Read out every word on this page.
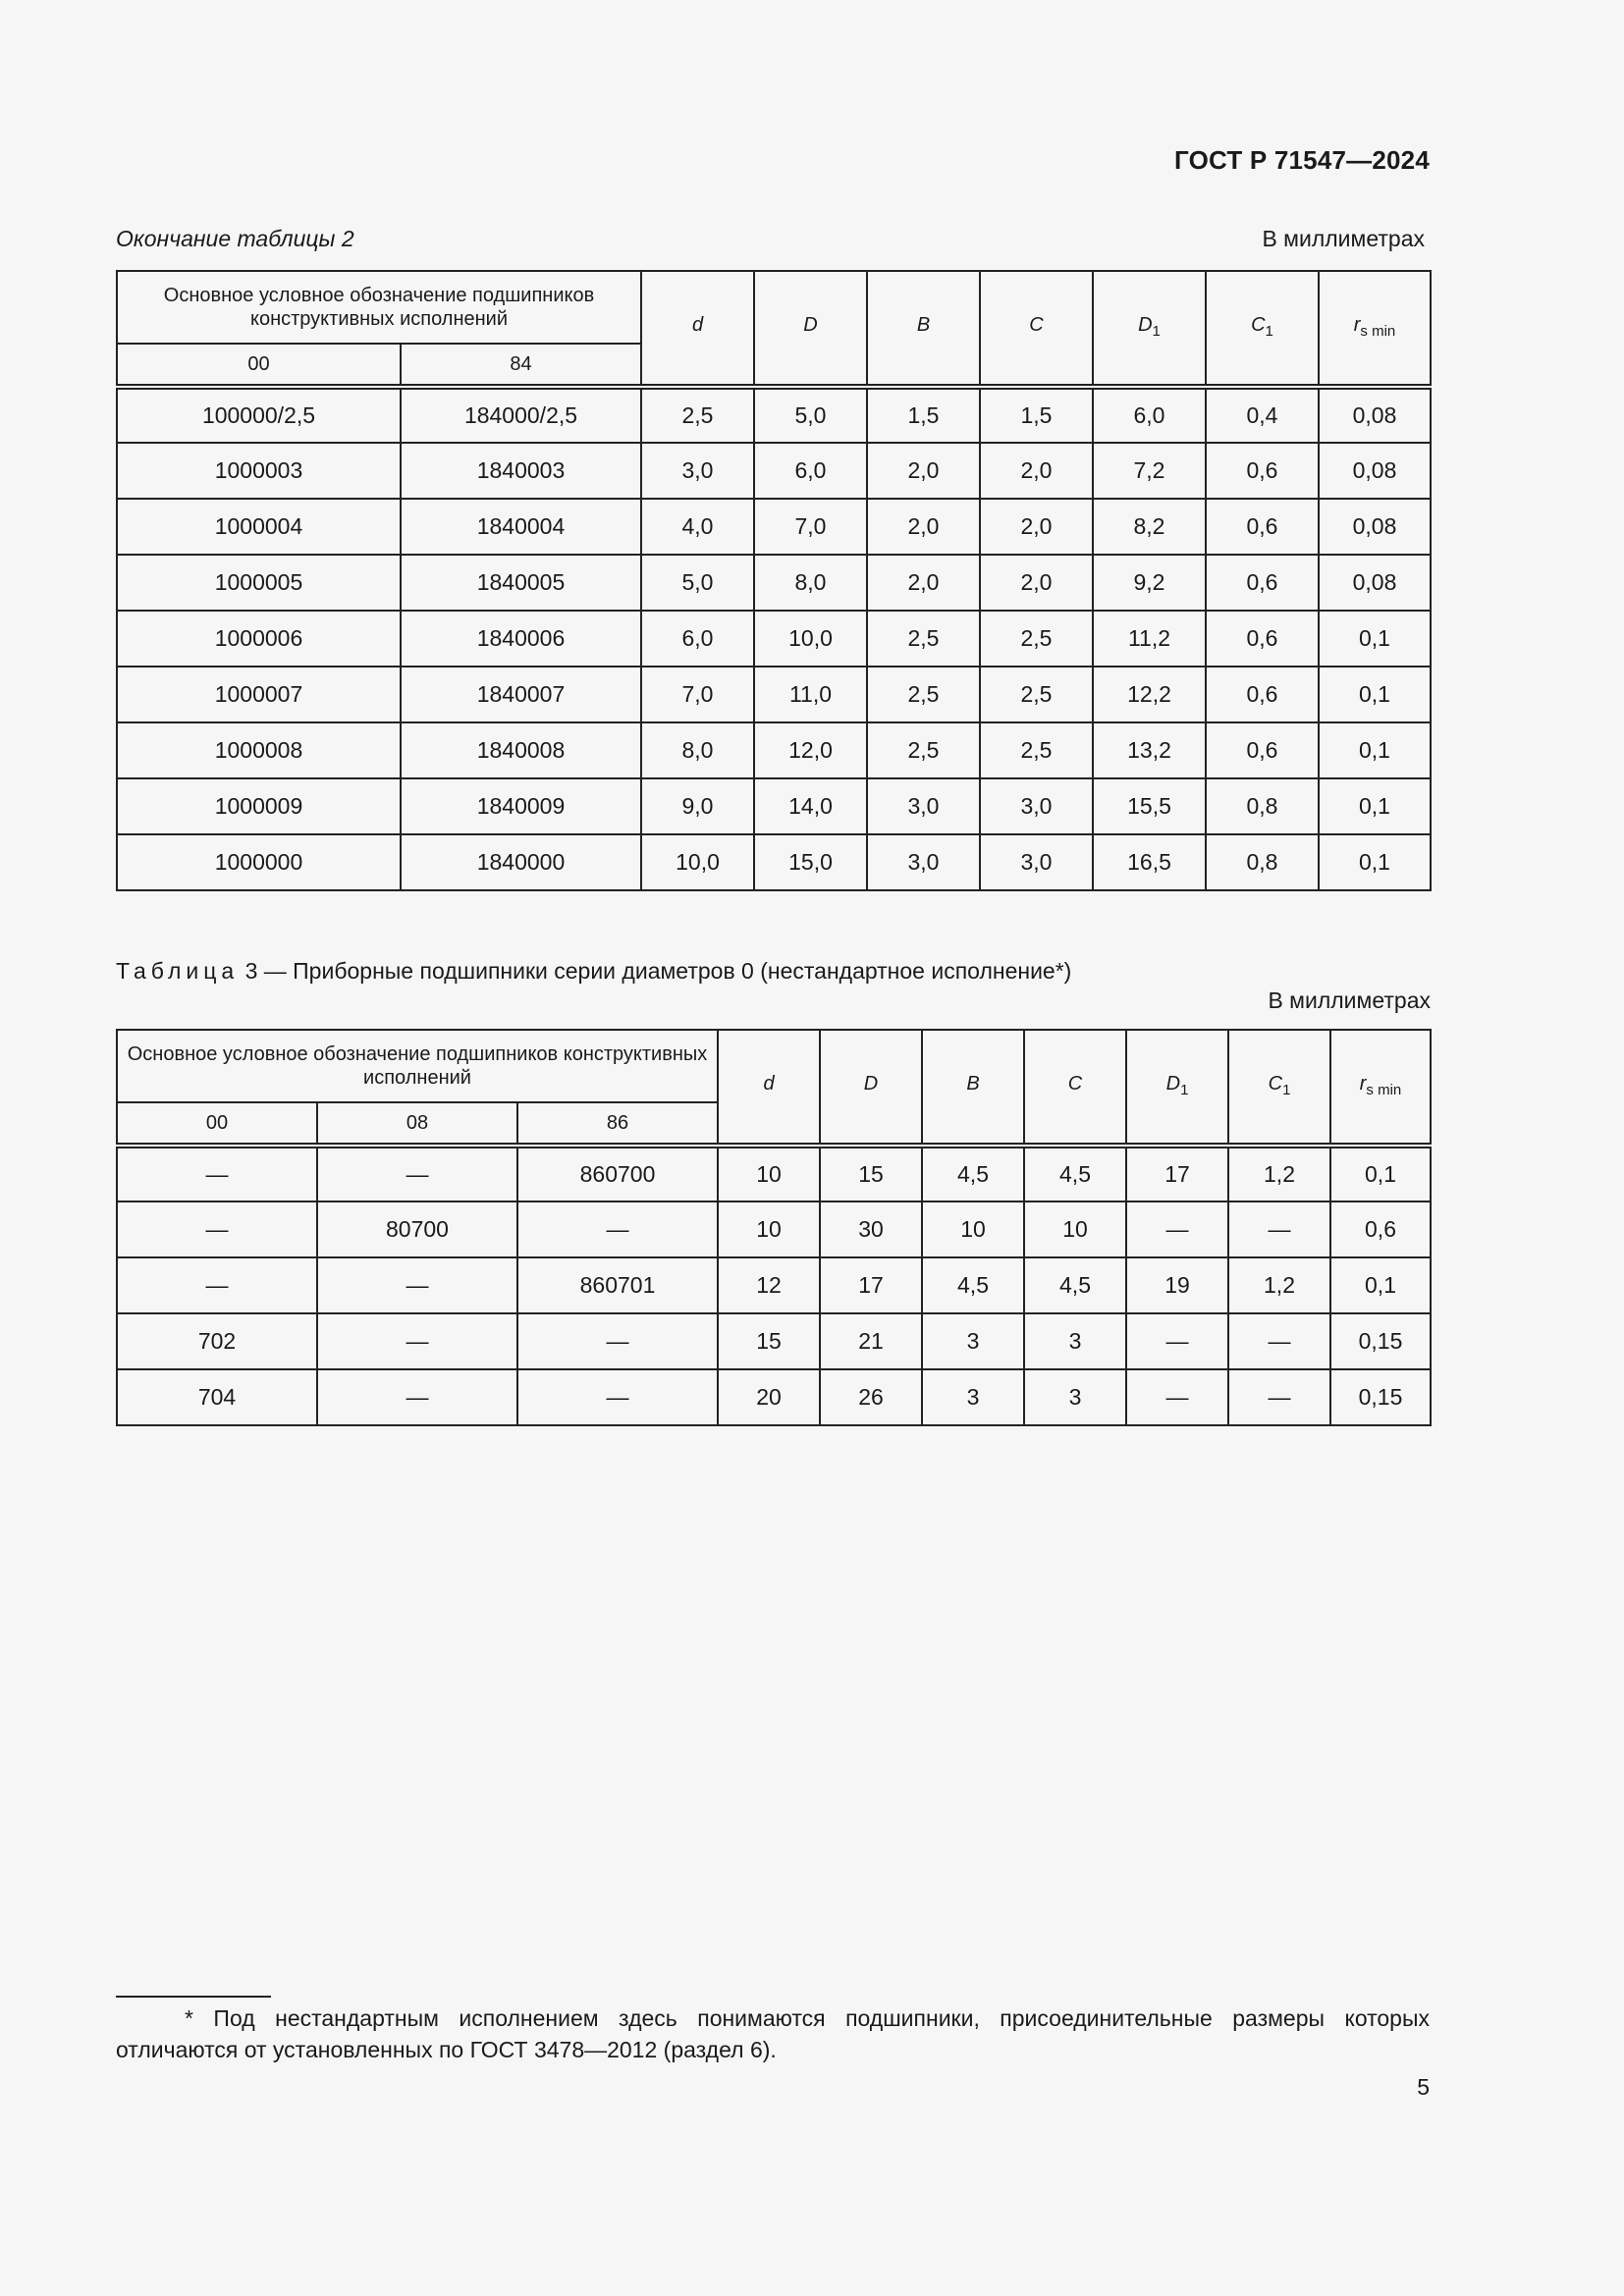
ГОСТ Р 71547—2024
Окончание таблицы 2	В миллиметрах
Основное условное обозначение подшипников конструктивных исполнений		d	D	B	C	$D_1$	$C_1$	$r_{s min}$
00	84							
100000/2,5	184000/2,5	2,5	5,0	1,5	1,5	6,0	0,4	0,08
1000003	1840003	3,0	6,0	2,0	2,0	7,2	0,6	0,08
1000004	1840004	4,0	7,0	2,0	2,0	8,2	0,6	0,08
1000005	1840005	5,0	8,0	2,0	2,0	9,2	0,6	0,08
1000006	1840006	6,0	10,0	2,5	2,5	11,2	0,6	0,1
1000007	1840007	7,0	11,0	2,5	2,5	12,2	0,6	0,1
1000008	1840008	8,0	12,0	2,5	2,5	13,2	0,6	0,1
1000009	1840009	9,0	14,0	3,0	3,0	15,5	0,8	0,1
1000000	1840000	10,0	15,0	3,0	3,0	16,5	0,8	0,1
Таблица 3 — Приборные подшипники серии диаметров 0 (нестандартное исполнение*)
В миллиметрах
Основное условное обозначение подшипников конструктивных исполнений			d	D	B	C	$D_1$	$C_1$	$r_{s min}$
00	08	86							
—	—	860700	10	15	4,5	4,5	17	1,2	0,1
—	80700	—	10	30	10	10	—	—	0,6
—	—	860701	12	17	4,5	4,5	19	1,2	0,1
702	—	—	15	21	3	3	—	—	0,15
704	—	—	20	26	3	3	—	—	0,15
* Под нестандартным исполнением здесь понимаются подшипники, присоединительные размеры которых отличаются от установленных по ГОСТ 3478—2012 (раздел 6).
5
